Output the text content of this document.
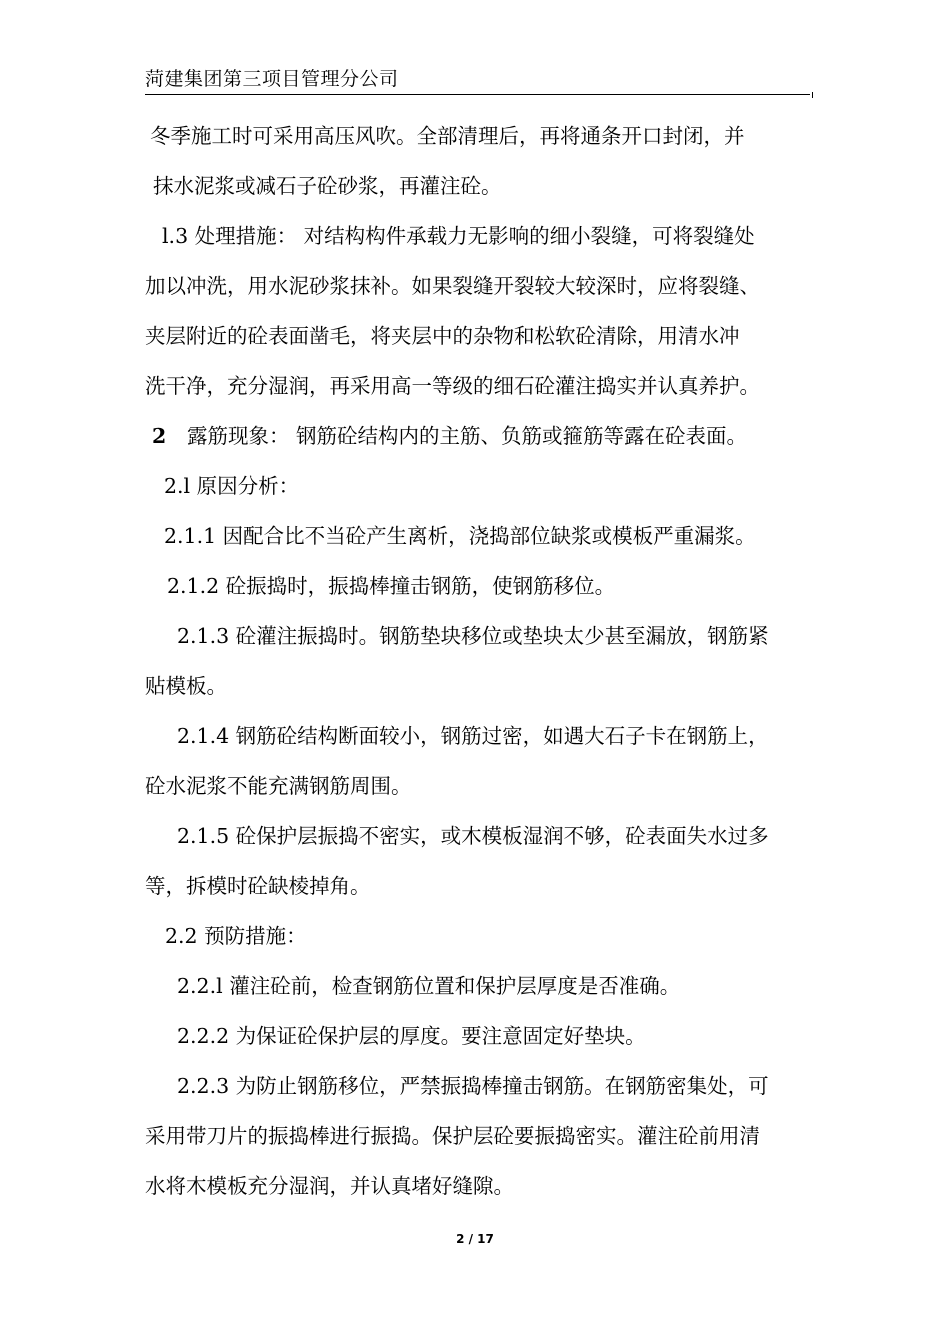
菏建集团第三项目管理分公司
冬季施工时可采用高压风吹。全部清理后，再将通条开口封闭，并
抹水泥浆或减石子砼砂浆，再灌注砼。
l.3 处理措施： 对结构构件承载力无影响的细小裂缝，可将裂缝处
加以冲洗，用水泥砂浆抹补。如果裂缝开裂较大较深时，应将裂缝、
夹层附近的砼表面凿毛，将夹层中的杂物和松软砼清除，用清水冲
洗干净，充分湿润，再采用高一等级的细石砼灌注捣实并认真养护。
2 露筋现象： 钢筋砼结构内的主筋、负筋或箍筋等露在砼表面。
2.l 原因分析：
2.1.1 因配合比不当砼产生离析，浇捣部位缺浆或模板严重漏浆。
2.1.2 砼振捣时，振捣棒撞击钢筋，使钢筋移位。
2.1.3 砼灌注振捣时。钢筋垫块移位或垫块太少甚至漏放，钢筋紧
贴模板。
2.1.4 钢筋砼结构断面较小，钢筋过密，如遇大石子卡在钢筋上，
砼水泥浆不能充满钢筋周围。
2.1.5 砼保护层振捣不密实，或木模板湿润不够，砼表面失水过多
等，拆模时砼缺棱掉角。
2.2 预防措施：
2.2.l 灌注砼前，检查钢筋位置和保护层厚度是否准确。
2.2.2 为保证砼保护层的厚度。要注意固定好垫块。
2.2.3 为防止钢筋移位，严禁振捣棒撞击钢筋。在钢筋密集处，可
采用带刀片的振捣棒进行振捣。保护层砼要振捣密实。灌注砼前用清
水将木模板充分湿润，并认真堵好缝隙。
2 / 17
